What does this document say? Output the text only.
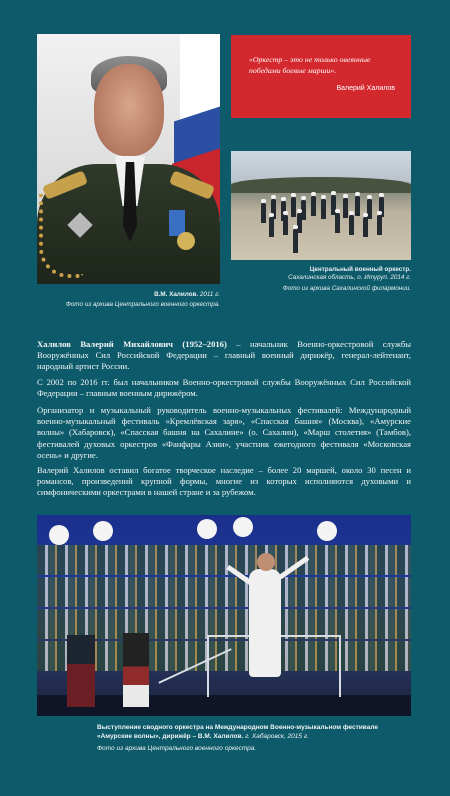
В.М. Халилов. 2011 г.
Фото из архива Центрального военного оркестра.
«Оркестр – это не только овеянные победами боевые марши».
Валерий Халилов
Центральный военный оркестр.
Сахалинская область, о. Итуруп. 2014 г.
Фото из архива Сахалинской филармонии.

Халилов Валерий Михайлович (1952–2016) – начальник Военно-оркестровой службы Вооружённых Сил Российской Федерации – главный военный дирижёр, генерал-лейтенант, народный артист России.

С 2002 по 2016 гг. был начальником Военно-оркестровой службы Вооружённых Сил Российской Федерации – главным военным дирижёром.

Организатор и музыкальный руководитель военно-музыкальных фестивалей: Международный военно-музыкальный фестиваль «Кремлёвская заря», «Спасская башня» (Москва), «Амурские волны» (Хабаровск), «Спасская башня на Сахалине» (о. Сахалин), «Марш столетия» (Тамбов), фестивалей духовых оркестров «Фанфары Азии», участник ежегодного фестиваля «Московская осень» и другие.

Валерий Халилов оставил богатое творческое наследие – более 20 маршей, около 30 песен и романсов, произведений крупной формы, многие из которых исполняются духовыми и симфоническими оркестрами в нашей стране и за рубежом.

Выступление сводного оркестра на Международном Военно-музыкальном фестивале «Амурские волны», дирижёр – В.М. Халилов. г. Хабаровск, 2015 г.
Фото из архива Центрального военного оркестра.
